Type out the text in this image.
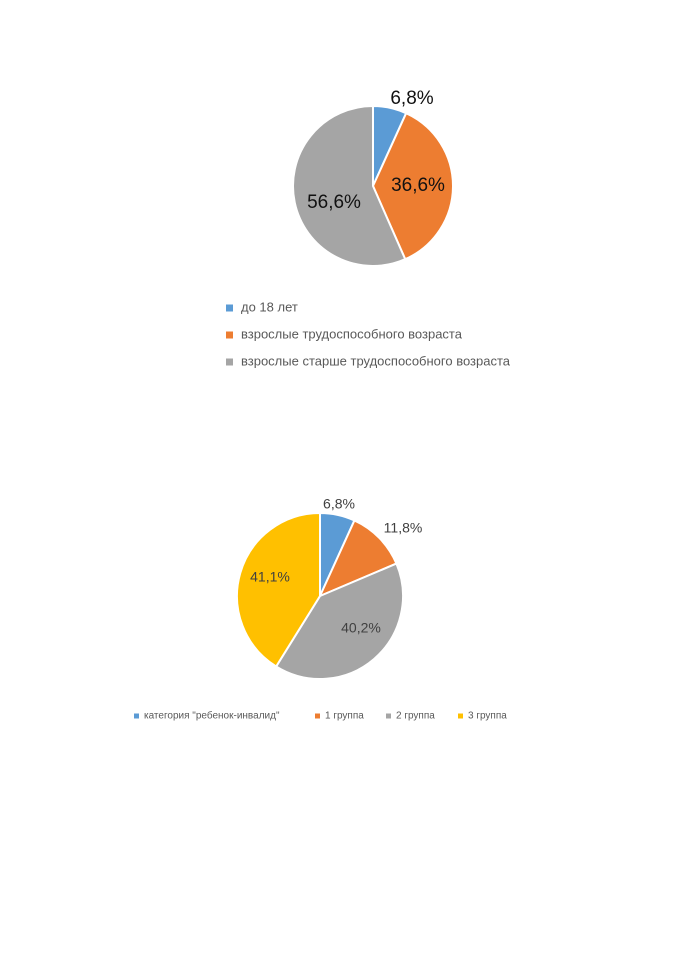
6,8%
36,6%
56,6%
до 18 лет
взрослые трудоспособного возраста
взрослые старше трудоспособного возраста
6,8%
11,8%
40,2%
41,1%
категория "ребенок-инвалид"	1 группа	2 группа	3 группа
